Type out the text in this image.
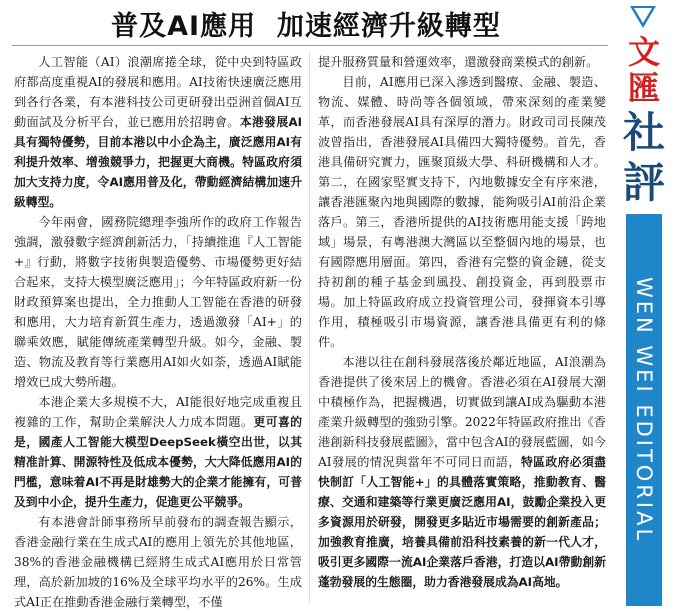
普及AI應用  加速經濟升級轉型

人工智能（AI）浪潮席捲全球，從中央到特區政府都高度重視AI的發展和應用。AI技術快速廣泛應用到各行各業，有本港科技公司更研發出亞洲首個AI互動面試及分析平台，並已應用於招聘會。本港發展AI具有獨特優勢，目前本港以中小企為主，廣泛應用AI有利提升效率、增強競爭力，把握更大商機。特區政府須加大支持力度，令AI應用普及化，帶動經濟結構加速升級轉型。

今年兩會，國務院總理李強所作的政府工作報告強調，激發數字經濟創新活力，「持續推進『人工智能+』行動，將數字技術與製造優勢、市場優勢更好結合起來，支持大模型廣泛應用」；今年特區政府新一份財政預算案也提出，全力推動人工智能在香港的研發和應用，大力培育新質生產力，透過激發「AI+」的聯乘效應，賦能傳統產業轉型升級。如今，金融、製造、物流及教育等行業應用AI如火如荼，透過AI賦能增效已成大勢所趨。

本港企業大多規模不大，AI能很好地完成重複且複雜的工作，幫助企業解決人力成本問題。更可喜的是，國產人工智能大模型DeepSeek橫空出世，以其精准計算、開源特性及低成本優勢，大大降低應用AI的門檻，意味着AI不再是財雄勢大的企業才能擁有，可普及到中小企，提升生產力，促進更公平競爭。

有本港會計師事務所早前發布的調查報告顯示，香港金融行業在生成式AI的應用上領先於其他地區，38%的香港金融機構已經將生成式AI應用於日常管理，高於新加坡的16%及全球平均水平的26%。生成式AI正在推動香港金融行業轉型，不僅

提升服務質量和營運效率，還激發商業模式的創新。

目前，AI應用已深入滲透到醫療、金融、製造、物流、媒體、時尚等各個領域，帶來深刻的產業變革，而香港發展AI具有深厚的潛力。財政司司長陳茂波曾指出，香港發展AI具備四大獨特優勢。首先，香港具備研究實力，匯聚頂級大學、科研機構和人才。第二，在國家堅實支持下，內地數據安全有序來港，讓香港匯聚內地與國際的數據，能夠吸引AI前沿企業落戶。第三，香港所提供的AI技術應用能支援「跨地域」場景，有粵港澳大灣區以至整個內地的場景，也有國際應用層面。第四，香港有完整的資金鏈，從支持初創的種子基金到風投、創投資金，再到股票市場。加上特區政府成立投資管理公司，發揮資本引導作用，積極吸引市場資源，讓香港具備更有利的條件。

本港以往在創科發展落後於鄰近地區，AI浪潮為香港提供了後來居上的機會。香港必須在AI發展大潮中積極作為，把握機遇，切實做到讓AI成為驅動本港產業升級轉型的強勁引擎。2022年特區政府推出《香港創新科技發展藍圖》，當中包含AI的發展藍圖，如今AI發展的情況與當年不可同日而語，特區政府必須盡快制訂「人工智能+」的具體落實策略，推動教育、醫療、交通和建築等行業更廣泛應用AI，鼓勵企業投入更多資源用於研發，開發更多貼近市場需要的創新產品；加強教育推廣，培養具備前沿科技素養的新一代人才，吸引更多國際一流AI企業落戶香港，打造以AI帶動創新蓬勃發展的生態圈，助力香港發展成為AI高地。

文
匯
社
評
WEN WEI EDITORIAL
